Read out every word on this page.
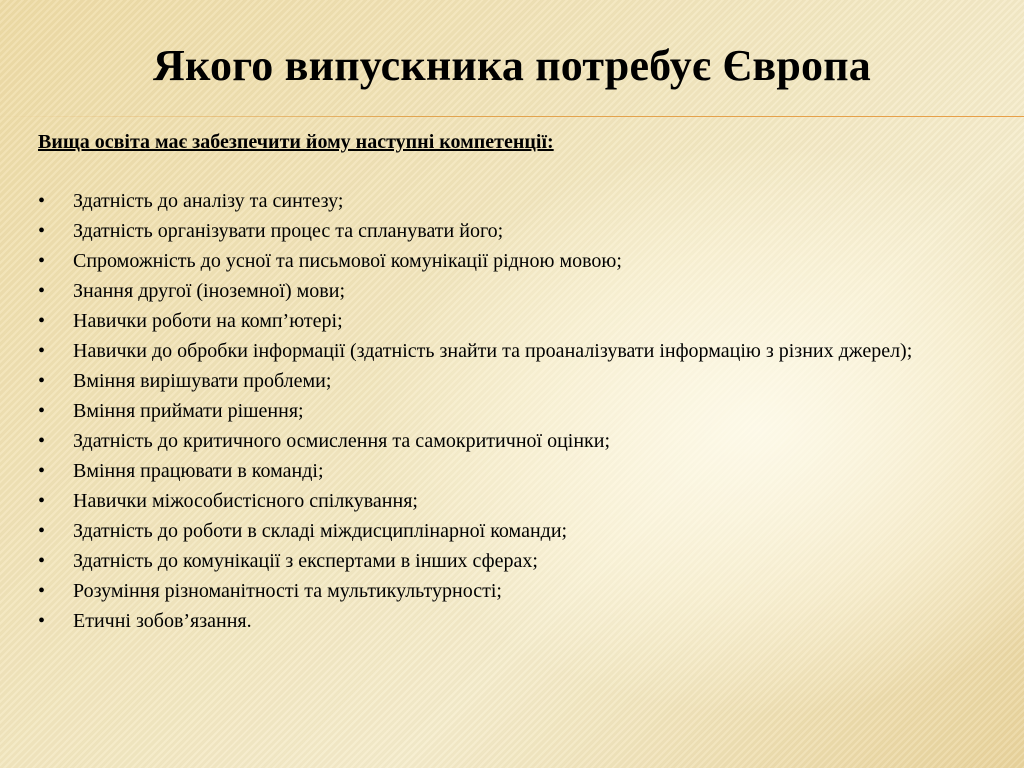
Якого випускника потребує Європа

Вища освіта має забезпечити йому наступні компетенції:

• Здатність до аналізу та синтезу;
• Здатність організувати процес та спланувати його;
• Спроможність до усної та письмової комунікації рідною мовою;
• Знання другої (іноземної) мови;
• Навички роботи на комп’ютері;
• Навички до обробки інформації (здатність знайти та проаналізувати інформацію з різних джерел);
• Вміння вирішувати проблеми;
• Вміння приймати рішення;
• Здатність до критичного осмислення та самокритичної оцінки;
• Вміння працювати в команді;
• Навички міжособистісного спілкування;
• Здатність до роботи в складі міждисциплінарної команди;
• Здатність до комунікації з експертами в інших сферах;
• Розуміння різноманітності та мультикультурності;
• Етичні зобов’язання.
